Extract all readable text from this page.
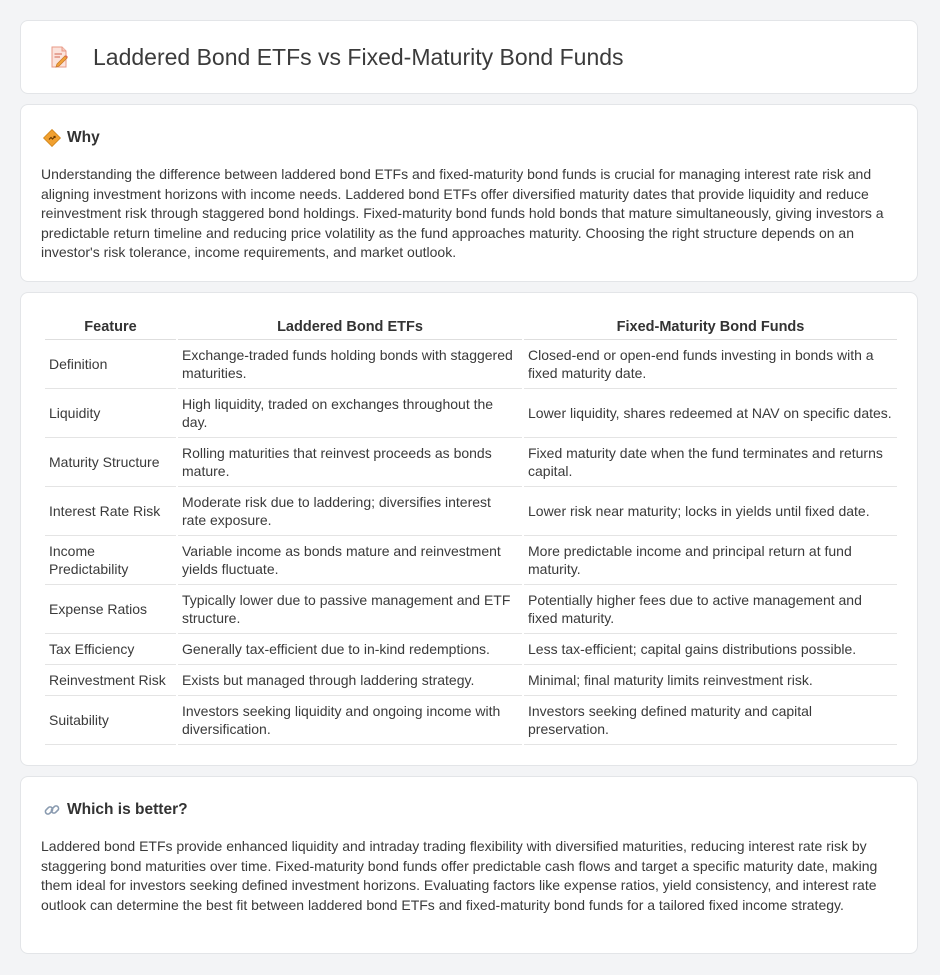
Laddered Bond ETFs vs Fixed-Maturity Bond Funds
Why

Understanding the difference between laddered bond ETFs and fixed-maturity bond funds is crucial for managing interest rate risk and aligning investment horizons with income needs. Laddered bond ETFs offer diversified maturity dates that provide liquidity and reduce reinvestment risk through staggered bond holdings. Fixed-maturity bond funds hold bonds that mature simultaneously, giving investors a predictable return timeline and reducing price volatility as the fund approaches maturity. Choosing the right structure depends on an investor's risk tolerance, income requirements, and market outlook.

Feature	Laddered Bond ETFs	Fixed-Maturity Bond Funds
Definition	Exchange-traded funds holding bonds with staggered maturities.	Closed-end or open-end funds investing in bonds with a fixed maturity date.
Liquidity	High liquidity, traded on exchanges throughout the day.	Lower liquidity, shares redeemed at NAV on specific dates.
Maturity Structure	Rolling maturities that reinvest proceeds as bonds mature.	Fixed maturity date when the fund terminates and returns capital.
Interest Rate Risk	Moderate risk due to laddering; diversifies interest rate exposure.	Lower risk near maturity; locks in yields until fixed date.
Income Predictability	Variable income as bonds mature and reinvestment yields fluctuate.	More predictable income and principal return at fund maturity.
Expense Ratios	Typically lower due to passive management and ETF structure.	Potentially higher fees due to active management and fixed maturity.
Tax Efficiency	Generally tax-efficient due to in-kind redemptions.	Less tax-efficient; capital gains distributions possible.
Reinvestment Risk	Exists but managed through laddering strategy.	Minimal; final maturity limits reinvestment risk.
Suitability	Investors seeking liquidity and ongoing income with diversification.	Investors seeking defined maturity and capital preservation.
Which is better?

Laddered bond ETFs provide enhanced liquidity and intraday trading flexibility with diversified maturities, reducing interest rate risk by staggering bond maturities over time. Fixed-maturity bond funds offer predictable cash flows and target a specific maturity date, making them ideal for investors seeking defined investment horizons. Evaluating factors like expense ratios, yield consistency, and interest rate outlook can determine the best fit between laddered bond ETFs and fixed-maturity bond funds for a tailored fixed income strategy.
